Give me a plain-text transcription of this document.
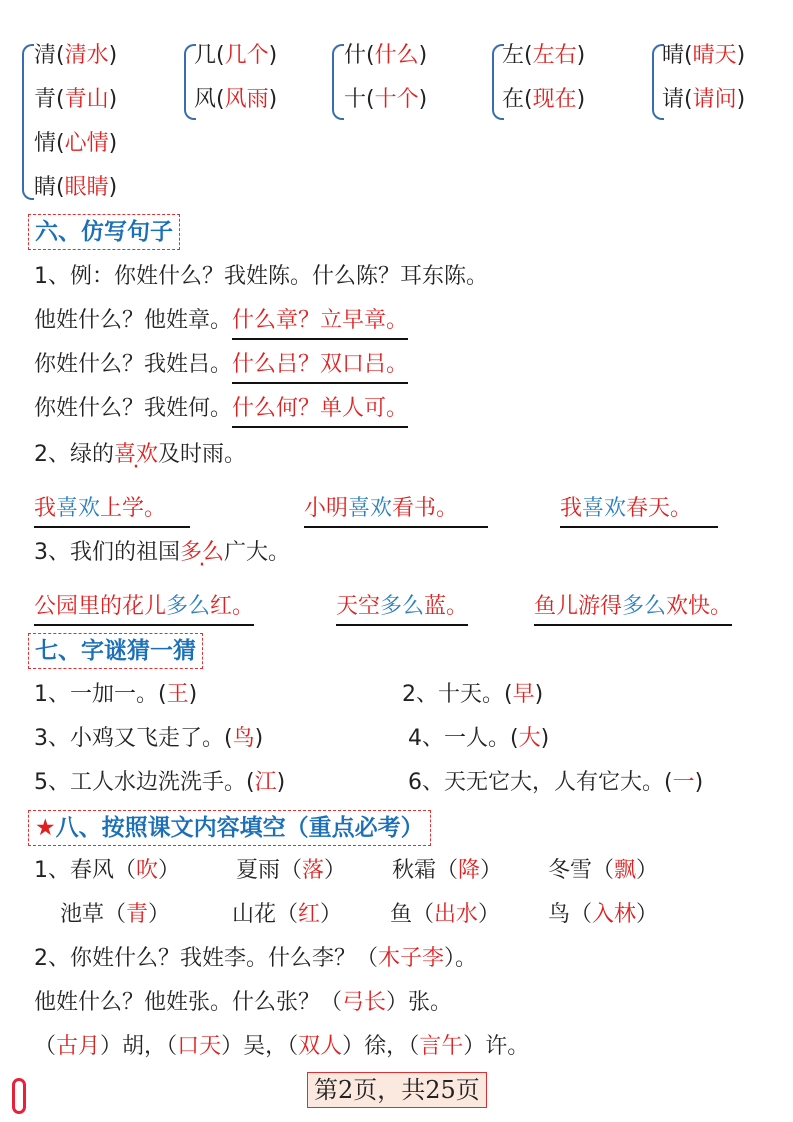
清(清水)
青(青山)
情(心情)
睛(眼睛)
几(几个)
风(风雨)
什(什么)
十(十个)
左(左右)
在(现在)
晴(晴天)
请(请问)
六、仿写句子
1、例：你姓什么？我姓陈。什么陈？耳东陈。
他姓什么？他姓章。什么章？立早章。
你姓什么？我姓吕。什么吕？双口吕。
你姓什么？我姓何。什么何？单人可。
2、绿的喜欢及时雨。
我喜欢上学。	小明喜欢看书。	我喜欢春天。
3、我们的祖国多么广大。
公园里的花儿多么红。	天空多么蓝。	鱼儿游得多么欢快。
七、字谜猜一猜
1、一加一。(王)	2、十天。(早)
3、小鸡又飞走了。(鸟)	4、一人。(大)
5、工人水边洗洗手。(江)	6、天无它大，人有它大。(一)
★八、按照课文内容填空（重点必考）
1、春风（吹）	夏雨（落） 秋霜（降） 冬雪（飘）
池草（青）	山花（红） 鱼（出水） 鸟（入林）
2、你姓什么？我姓李。什么李？（木子李）。
他姓什么？他姓张。什么张？（弓长）张。
（古月）胡，（口天）吴，（双人）徐，（言午）许。
第2页，共25页
